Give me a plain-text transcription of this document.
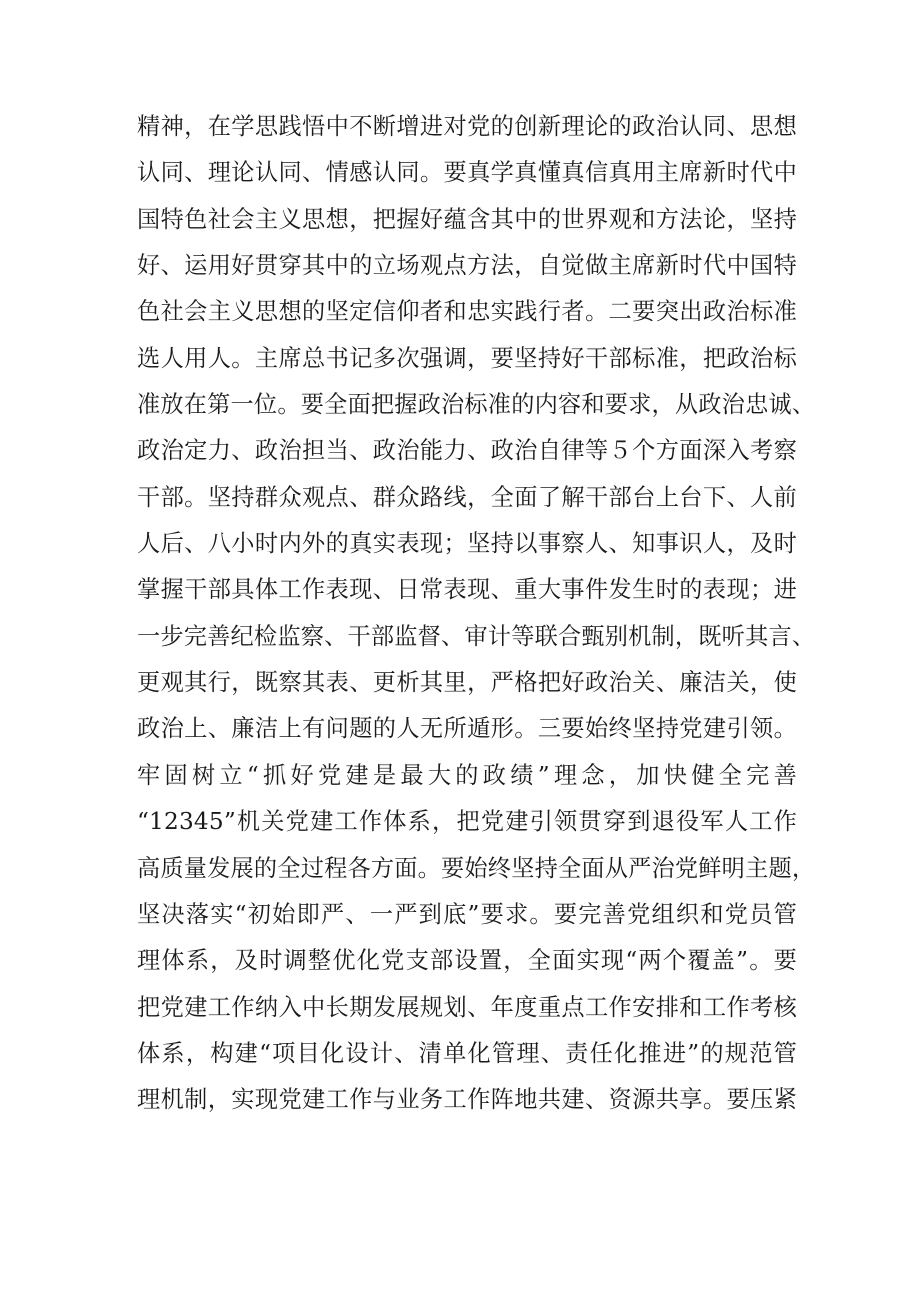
精神，在学思践悟中不断增进对党的创新理论的政治认同、思想
认同、理论认同、情感认同。要真学真懂真信真用主席新时代中
国特色社会主义思想，把握好蕴含其中的世界观和方法论，坚持
好、运用好贯穿其中的立场观点方法，自觉做主席新时代中国特
色社会主义思想的坚定信仰者和忠实践行者。二要突出政治标准
选人用人。主席总书记多次强调，要坚持好干部标准，把政治标
准放在第一位。要全面把握政治标准的内容和要求，从政治忠诚、
政治定力、政治担当、政治能力、政治自律等５个方面深入考察
干部。坚持群众观点、群众路线，全面了解干部台上台下、人前
人后、八小时内外的真实表现；坚持以事察人、知事识人，及时
掌握干部具体工作表现、日常表现、重大事件发生时的表现；进
一步完善纪检监察、干部监督、审计等联合甄别机制，既听其言、
更观其行，既察其表、更析其里，严格把好政治关、廉洁关，使
政治上、廉洁上有问题的人无所遁形。三要始终坚持党建引领。
牢固树立“抓好党建是最大的政绩”理念，加快健全完善
“12345”机关党建工作体系，把党建引领贯穿到退役军人工作
高质量发展的全过程各方面。要始终坚持全面从严治党鲜明主题，
坚决落实“初始即严、一严到底”要求。要完善党组织和党员管
理体系，及时调整优化党支部设置，全面实现“两个覆盖”。要
把党建工作纳入中长期发展规划、年度重点工作安排和工作考核
体系，构建“项目化设计、清单化管理、责任化推进”的规范管
理机制，实现党建工作与业务工作阵地共建、资源共享。要压紧
